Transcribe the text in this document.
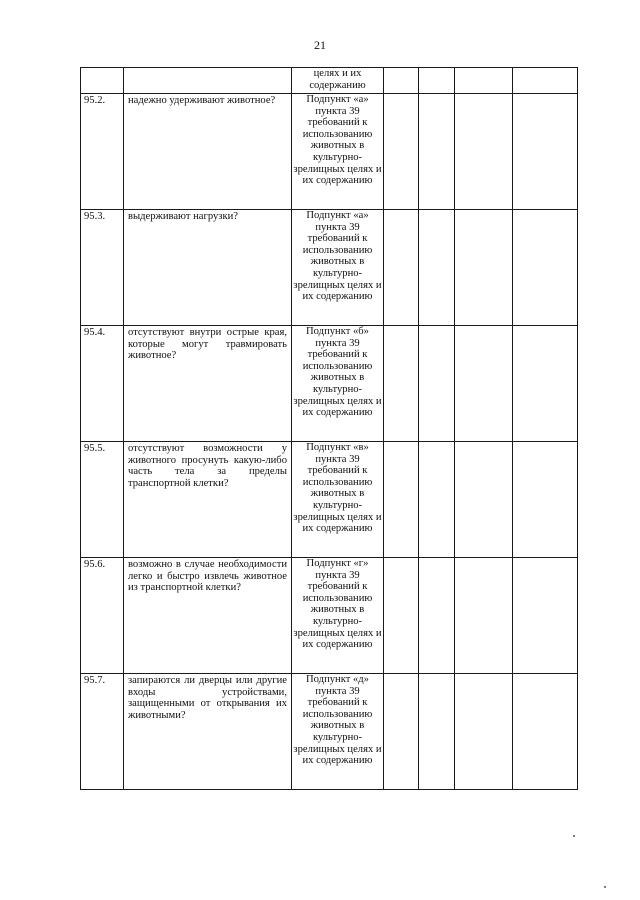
21
		целях и их содержанию				
95.2.	надежно удерживают животное?	Подпункт «а» пункта 39 требований к использованию животных в культурно-зрелищных целях и их содержанию				
95.3.	выдерживают нагрузки?	Подпункт «а» пункта 39 требований к использованию животных в культурно-зрелищных целях и их содержанию				
95.4.	отсутствуют внутри острые края, которые могут травмировать животное?	Подпункт «б» пункта 39 требований к использованию животных в культурно-зрелищных целях и их содержанию				
95.5.	отсутствуют возможности у животного просунуть какую-либо часть тела за пределы транспортной клетки?	Подпункт «в» пункта 39 требований к использованию животных в культурно-зрелищных целях и их содержанию				
95.6.	возможно в случае необходимости легко и быстро извлечь животное из транспортной клетки?	Подпункт «г» пункта 39 требований к использованию животных в культурно-зрелищных целях и их содержанию				
95.7.	запираются ли дверцы или другие входы устройствами, защищенными от открывания их животными?	Подпункт «д» пункта 39 требований к использованию животных в культурно-зрелищных целях и их содержанию				
